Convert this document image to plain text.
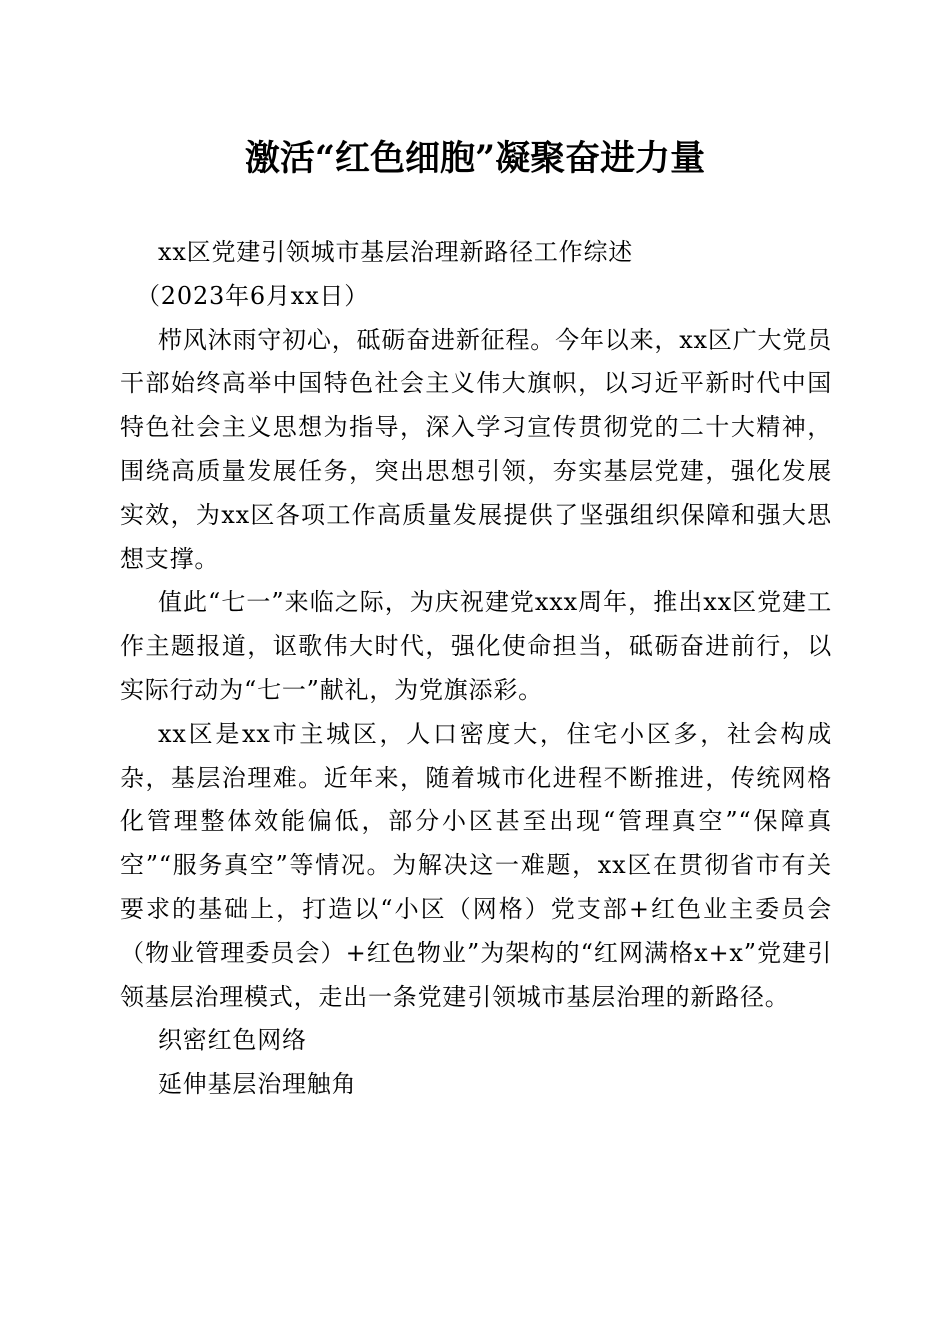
激活“红色细胞”凝聚奋进力量

xx区党建引领城市基层治理新路径工作综述

（2023年6月xx日）

栉风沐雨守初心，砥砺奋进新征程。今年以来，xx区广大党员干部始终高举中国特色社会主义伟大旗帜，以习近平新时代中国特色社会主义思想为指导，深入学习宣传贯彻党的二十大精神，围绕高质量发展任务，突出思想引领，夯实基层党建，强化发展实效，为xx区各项工作高质量发展提供了坚强组织保障和强大思想支撑。

值此“七一”来临之际，为庆祝建党xxx周年，推出xx区党建工作主题报道，讴歌伟大时代，强化使命担当，砥砺奋进前行，以实际行动为“七一”献礼，为党旗添彩。

xx区是xx市主城区，人口密度大，住宅小区多，社会构成杂，基层治理难。近年来，随着城市化进程不断推进，传统网格化管理整体效能偏低，部分小区甚至出现“管理真空”“保障真空”“服务真空”等情况。为解决这一难题，xx区在贯彻省市有关要求的基础上，打造以“小区（网格）党支部+红色业主委员会（物业管理委员会）+红色物业”为架构的“红网满格x+x”党建引领基层治理模式，走出一条党建引领城市基层治理的新路径。

织密红色网络

延伸基层治理触角
